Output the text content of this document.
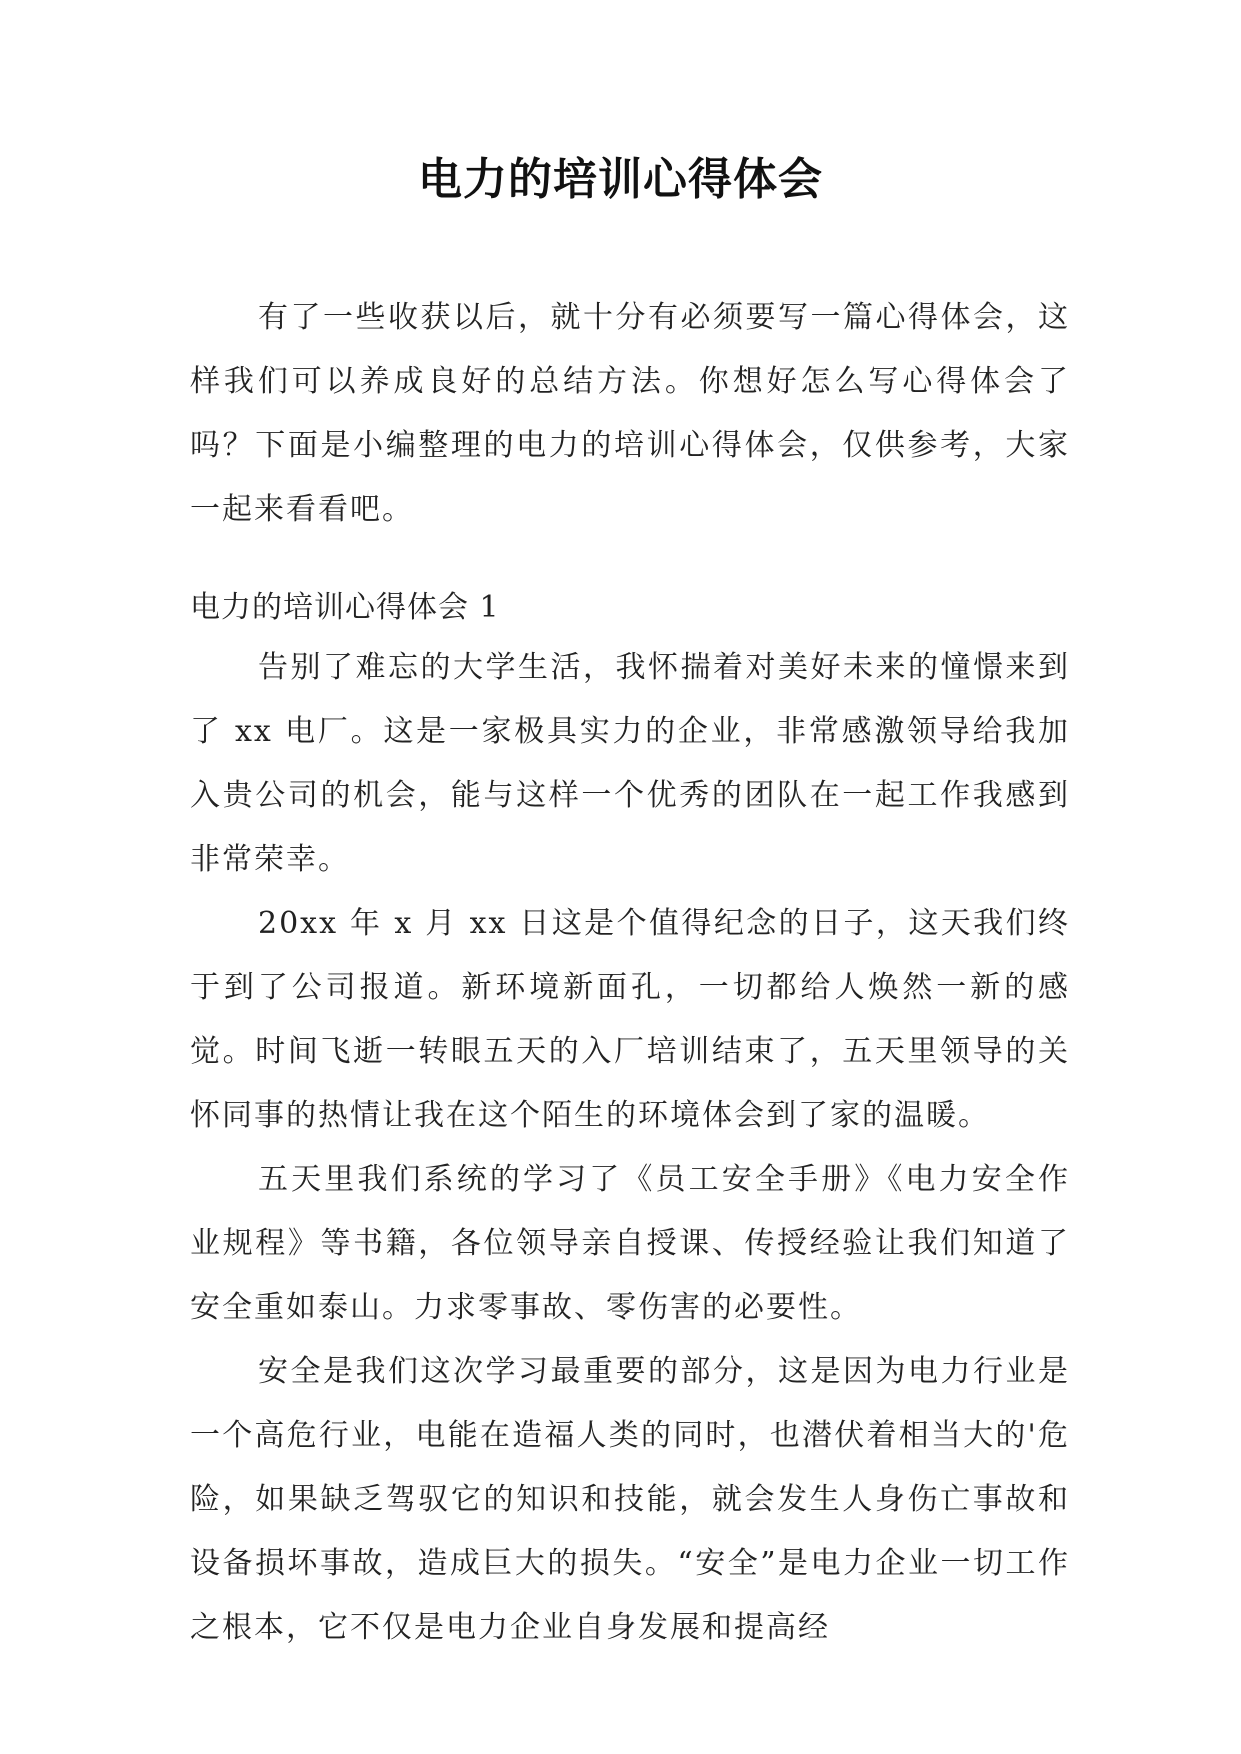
电力的培训心得体会

有了一些收获以后，就十分有必须要写一篇心得体会，这样我们可以养成良好的总结方法。你想好怎么写心得体会了吗？下面是小编整理的电力的培训心得体会，仅供参考，大家一起来看看吧。

电力的培训心得体会 1

告别了难忘的大学生活，我怀揣着对美好未来的憧憬来到了 xx 电厂。这是一家极具实力的企业，非常感激领导给我加入贵公司的机会，能与这样一个优秀的团队在一起工作我感到非常荣幸。

20xx 年 x 月 xx 日这是个值得纪念的日子，这天我们终于到了公司报道。新环境新面孔，一切都给人焕然一新的感觉。时间飞逝一转眼五天的入厂培训结束了，五天里领导的关怀同事的热情让我在这个陌生的环境体会到了家的温暖。

五天里我们系统的学习了《员工安全手册》《电力安全作业规程》等书籍，各位领导亲自授课、传授经验让我们知道了安全重如泰山。力求零事故、零伤害的必要性。

安全是我们这次学习最重要的部分，这是因为电力行业是一个高危行业，电能在造福人类的同时，也潜伏着相当大的'危险，如果缺乏驾驭它的知识和技能，就会发生人身伤亡事故和设备损坏事故，造成巨大的损失。“安全”是电力企业一切工作之根本，它不仅是电力企业自身发展和提高经
